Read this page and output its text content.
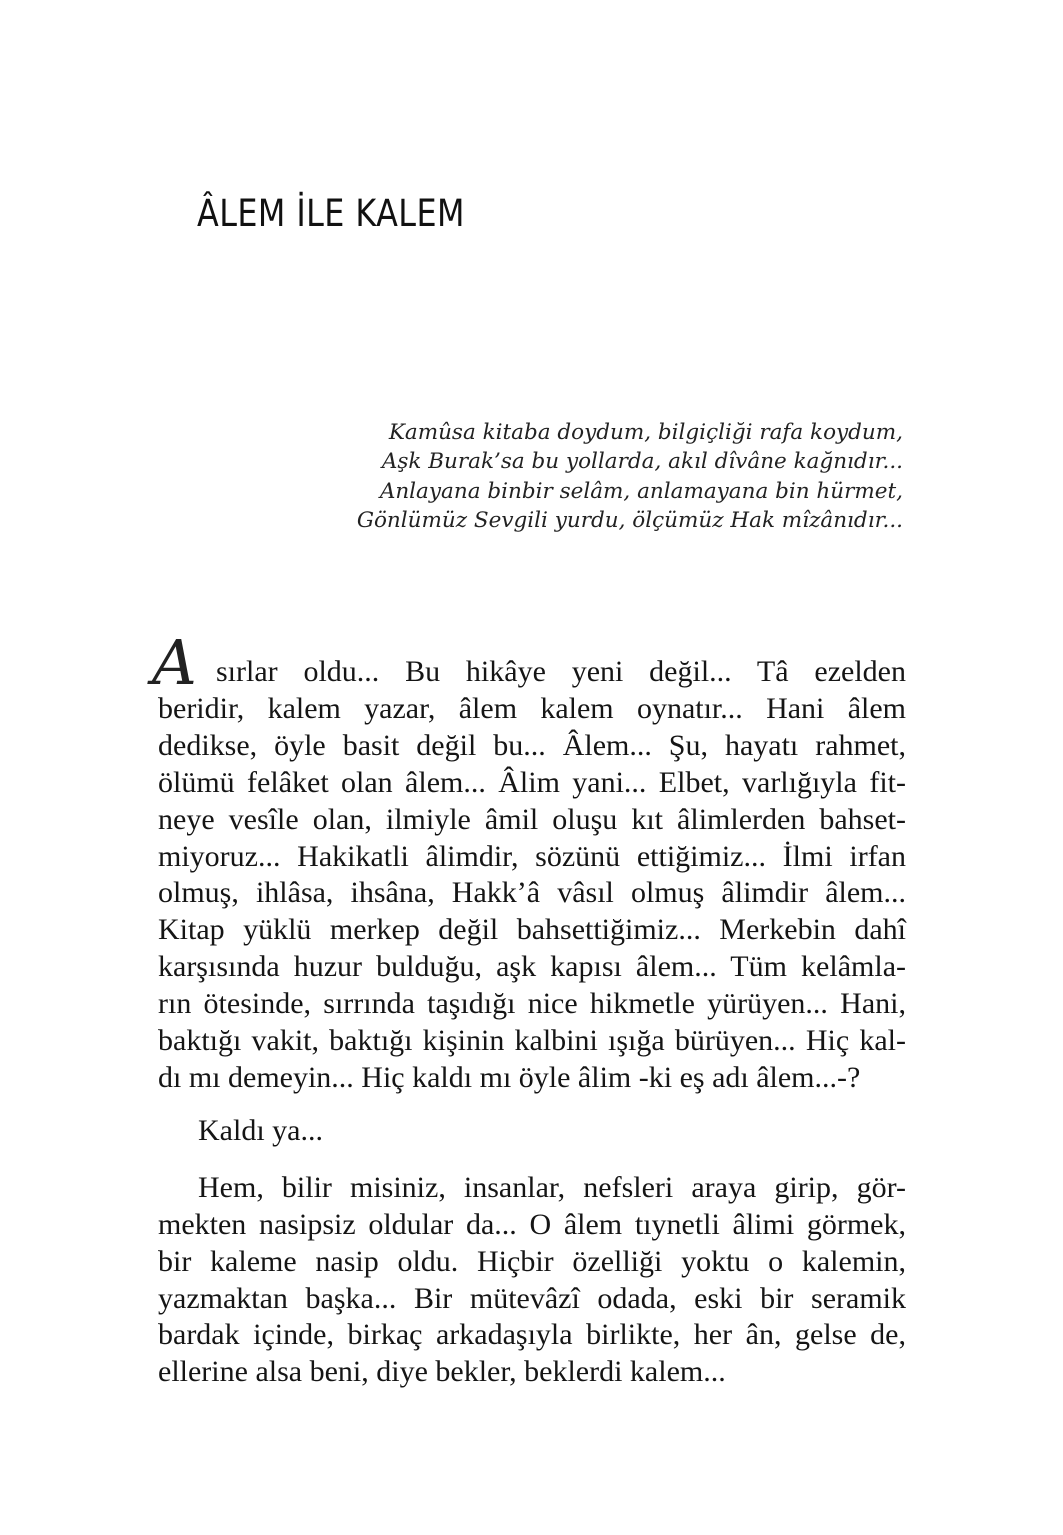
ÂLEM İLE KALEM
Kamûsa kitaba doydum, bilgiçliği rafa koydum,
Aşk Burak’sa bu yollarda, akıl dîvâne kağnıdır...
Anlayana binbir selâm, anlamayana bin hürmet,
Gönlümüz Sevgili yurdu, ölçümüz Hak mîzânıdır...

A sırlar oldu... Bu hikâye yeni değil... Tâ ezelden
beridir, kalem yazar, âlem kalem oynatır... Hani âlem
dedikse, öyle basit değil bu... Âlem... Şu, hayatı rahmet,
ölümü felâket olan âlem... Âlim yani... Elbet, varlığıyla fit-
neye vesîle olan, ilmiyle âmil oluşu kıt âlimlerden bahset-
miyoruz... Hakikatli âlimdir, sözünü ettiğimiz... İlmi irfan
olmuş, ihlâsa, ihsâna, Hakk’â vâsıl olmuş âlimdir âlem...
Kitap yüklü merkep değil bahsettiğimiz... Merkebin dahî
karşısında huzur bulduğu, aşk kapısı âlem... Tüm kelâmla-
rın ötesinde, sırrında taşıdığı nice hikmetle yürüyen... Hani,
baktığı vakit, baktığı kişinin kalbini ışığa bürüyen... Hiç kal-
dı mı demeyin... Hiç kaldı mı öyle âlim -ki eş adı âlem...-?

Kaldı ya...

Hem, bilir misiniz, insanlar, nefsleri araya girip, gör-
mekten nasipsiz oldular da... O âlem tıynetli âlimi görmek,
bir kaleme nasip oldu. Hiçbir özelliği yoktu o kalemin,
yazmaktan başka... Bir mütevâzî odada, eski bir seramik
bardak içinde, birkaç arkadaşıyla birlikte, her ân, gelse de,
ellerine alsa beni, diye bekler, beklerdi kalem...
